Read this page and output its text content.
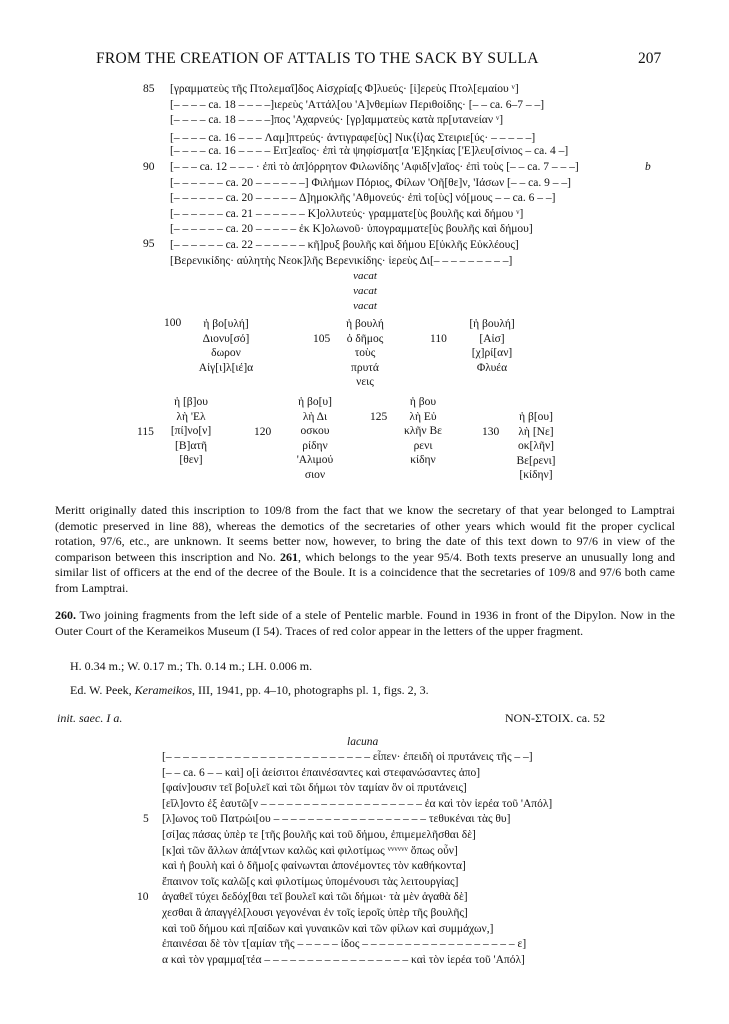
FROM THE CREATION OF ATTALIS TO THE SACK BY SULLA	207
85
90
95
b
[γραμματεὺς τῆς Πτολεμαΐ]δος Αἰσχρία[ς Φ]λυεύς· [ἱ]ερεὺς Πτολ[εμαίου ᵛ]
[– – – – ca. 18 – – – –]ιερεὺς 'Αττάλ[ου 'Α]νθεμίων Περιθοίδης· [– – ca. 6–7 – –]
[– – – – ca. 18 – – – –]πος 'Αχαρνεύς· [γρ]αμματεὺς κατὰ πρ[υτανείαν ᵛ]
[– – – – ca. 16 – – – Λαμ]πτρεύς· ἀντιγραφε[ὺς] Νικ⟨ί⟩ας Στειριε[ύς· – – – – –]
[– – – – ca. 16 – – – – Ειτ]εαῖος· ἐπὶ τὰ ψηφίσματ[α 'Ε]ξηκίας ['Ε]λευ[σίνιος – ca. 4 –]
[– – – ca. 12 – – – · ἐπὶ τὸ ἀπ]όρρητον Φιλωνίδης 'Αφιδ[ν]αῖος· ἐπὶ τοὺς [– – ca. 7 – – –]
[– – – – – – ca. 20 – – – – – –] Φιλήμων Πόριος, Φίλων 'Οῆ[θε]ν, 'Ιάσων [– – ca. 9 – –]
[– – – – – – ca. 20 – – – – – Δ]ημοκλῆς 'Αθμονεύς· ἐπὶ το[ὺς] νό[μους – – ca. 6 – –]
[– – – – – – ca. 21 – – – – – – Κ]ολλυτεύς· γραμματε[ὺς βουλῆς καὶ δήμου ᵛ]
[– – – – – – ca. 20 – – – – – ἐκ Κ]ολωνοῦ· ὑπογραμματε[ὺς βουλῆς καὶ δήμου]
[– – – – – – ca. 22 – – – – – – κῆ]ρυξ βουλῆς καὶ δήμου Ε[ὐκλῆς Εὐκλέους]
[Βερενικίδης· αὐλητὴς Νεοκ]λῆς Βερενικίδης· ἱερεὺς Δι[– – – – – – – – –]
vacat
vacat
vacat
100
105	110
ἡ βο[υλή]
Διονυ[σό]
δωρον
Αἰγ[ι]λ[ιέ]α
ἡ βουλή
ὁ δῆμος
τοὺς
πρυτά
νεις
[ἡ βουλή]
[Αἰσ]
[χ]ρί[αν]
Φλυέα
115	120
125
130
ἡ [β]ου
λὴ 'Ελ
[πί]νο[ν]
[Β]ατῆ
[θεν]
ἡ βο[υ]
λὴ Δι
οσκου
ρίδην
'Αλιμού
σιον
ἡ βου
λὴ Εὐ
κλῆν Βε
ρενι
κίδην
ἡ β[ου]
λὴ [Νε]
οκ[λῆν]
Βε[ρενι]
[κίδην]
Meritt originally dated this inscription to 109/8 from the fact that we know the secretary of that year belonged to Lamptrai (demotic preserved in line 88), whereas the demotics of the secretaries of other years which would fit the proper cyclical rotation, 97/6, etc., are unknown. It seems better now, however, to bring the date of this text down to 97/6 in view of the comparison between this inscription and No. 261, which belongs to the year 95/4. Both texts preserve an unusually long and similar list of officers at the end of the decree of the Boule. It is a coincidence that the secretaries of 109/8 and 97/6 both came from Lamptrai.
260. Two joining fragments from the left side of a stele of Pentelic marble. Found in 1936 in front of the Dipylon. Now in the Outer Court of the Kerameikos Museum (I 54). Traces of red color appear in the letters of the upper fragment.
H. 0.34 m.; W. 0.17 m.; Th. 0.14 m.; LH. 0.006 m.
Ed. W. Peek, Kerameikos, III, 1941, pp. 4–10, photographs pl. 1, figs. 2, 3.
init. saec. I a.	NON-ΣΤΟΙΧ. ca. 52
lacuna
5
10
[– – – – – – – – – – – – – – – – – – – – – – – – εἶπεν· ἐπειδὴ οἱ πρυτάνεις τῆς – –]
[– – ca. 6 – – καὶ] ο[ἱ ἀείσιτοι ἐπαινέσαντες καὶ στεφανώσαντες ἀπο]
[φαίν]ουσιν τεῖ βο[υλεῖ καὶ τῶι δήμωι τὸν ταμίαν ὃν οἱ πρυτάνεις]
[εἵλ]οντο ἐξ ἑαυτῶ[ν – – – – – – – – – – – – – – – – – – – ἐα καὶ τὸν ἱερέα τοῦ 'Απόλ]
[λ]ωνος τοῦ Πατρώι[ου – – – – – – – – – – – – – – – – – – τεθυκέναι τὰς θυ]
[σί]ας πάσας ὑπὲρ τε [τῆς βουλῆς καὶ τοῦ δήμου, ἐπιμεμελῆσθαι δὲ]
[κ]αὶ τῶν ἄλλων ἁπά[ντων καλῶς καὶ φιλοτίμως ᵛᵛᵛᵛᵛᵛ ὅπως οὖν]
καὶ ἡ βουλὴ καὶ ὁ δῆμο[ς φαίνωνται ἀπονέμοντες τὸν καθήκοντα]
ἔπαινον τοῖς καλῶ[ς καὶ φιλοτίμως ὑπομένουσι τὰς λειτουργίας]
ἀγαθεῖ τύχει δεδόχ[θαι τεῖ βουλεῖ καὶ τῶι δήμωι· τὰ μὲν ἀγαθὰ δὲ]
χεσθαι ἃ ἀπαγγέλ[λουσι γεγονέναι ἐν τοῖς ἱεροῖς ὑπὲρ τῆς βουλῆς]
καὶ τοῦ δήμου καὶ π[αίδων καὶ γυναικῶν καὶ τῶν φίλων καὶ συμμάχων,]
ἐπαινέσαι δὲ τὸν τ[αμίαν τῆς – – – – – ίδος – – – – – – – – – – – – – – – – – – ε]
α καὶ τὸν γραμμα[τέα – – – – – – – – – – – – – – – – – καὶ τὸν ἱερέα τοῦ 'Απόλ]
